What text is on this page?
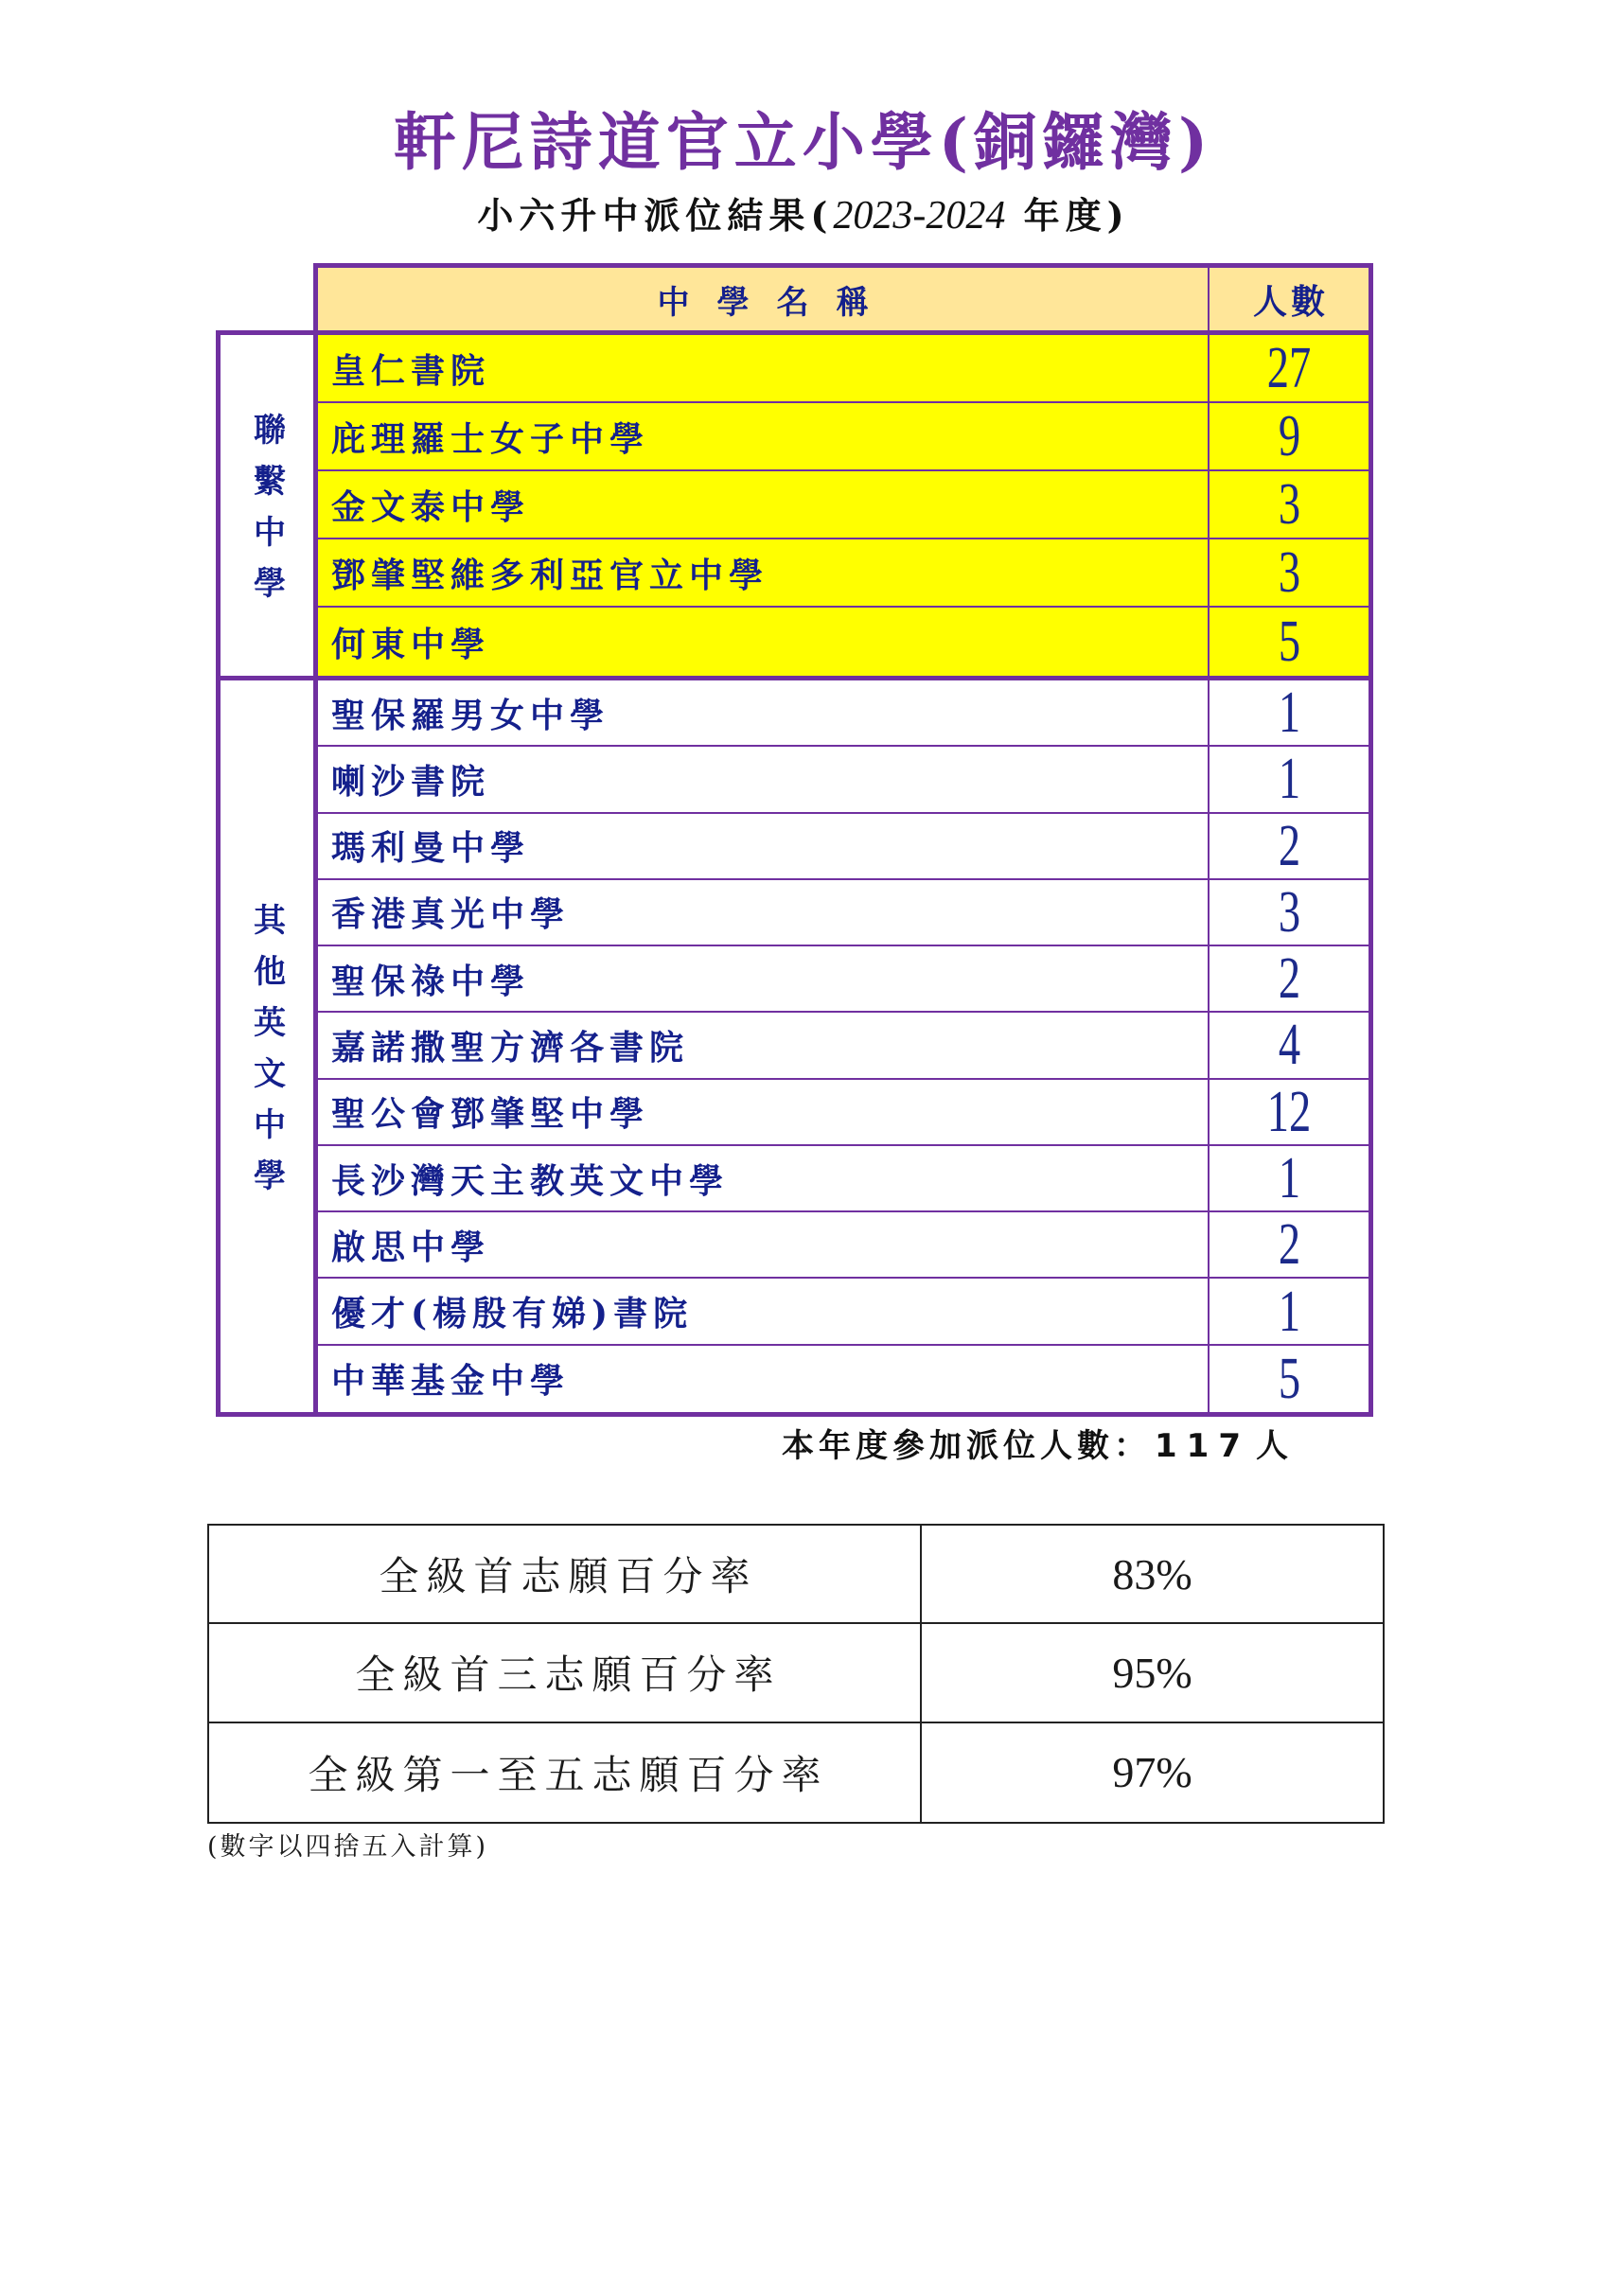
軒尼詩道官立小學(銅鑼灣)
小六升中派位結果(2023-2024 年度)
中學名稱	人數
聯繫中學
皇仁書院	27
庇理羅士女子中學	9
金文泰中學	3
鄧肇堅維多利亞官立中學	3
何東中學	5
其他英文中學
聖保羅男女中學	1
喇沙書院	1
瑪利曼中學	2
香港真光中學	3
聖保祿中學	2
嘉諾撒聖方濟各書院	4
聖公會鄧肇堅中學	12
長沙灣天主教英文中學	1
啟思中學	2
優才(楊殷有娣)書院	1
中華基金中學	5
本年度參加派位人數： 117 人
全級首志願百分率	83%
全級首三志願百分率	95%
全級第一至五志願百分率	97%
(數字以四捨五入計算)
